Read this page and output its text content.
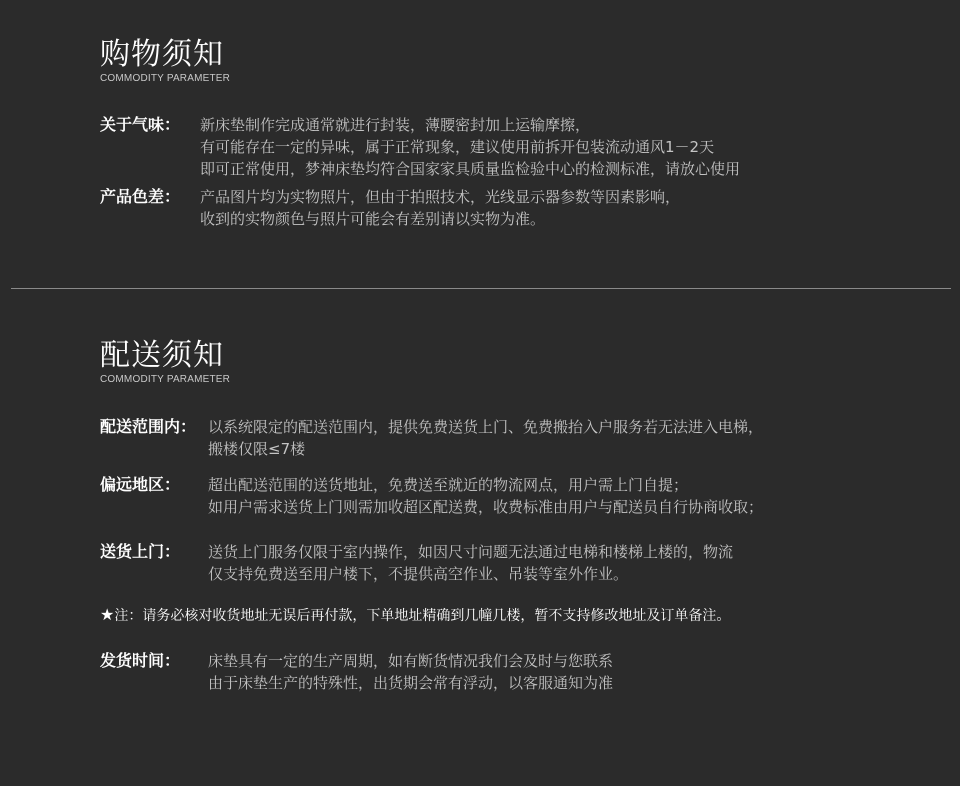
购物须知
COMMODITY PARAMETER
关于气味： 新床垫制作完成通常就进行封装，薄腰密封加上运输摩擦，
有可能存在一定的异味，属于正常现象，建议使用前拆开包装流动通风1－2天
即可正常使用，梦神床垫均符合国家家具质量监检验中心的检测标准，请放心使用
产品色差： 产品图片均为实物照片，但由于拍照技术，光线显示器参数等因素影响，
收到的实物颜色与照片可能会有差别请以实物为准。
配送须知
COMMODITY PARAMETER
配送范围内： 以系统限定的配送范围内，提供免费送货上门、免费搬抬入户服务若无法进入电梯，
搬楼仅限≤7楼
偏远地区： 超出配送范围的送货地址，免费送至就近的物流网点，用户需上门自提；
如用户需求送货上门则需加收超区配送费，收费标准由用户与配送员自行协商收取；
送货上门： 送货上门服务仅限于室内操作，如因尺寸问题无法通过电梯和楼梯上楼的，物流
仅支持免费送至用户楼下，不提供高空作业、吊装等室外作业。
★注：请务必核对收货地址无误后再付款，下单地址精确到几幢几楼，暂不支持修改地址及订单备注。
发货时间： 床垫具有一定的生产周期，如有断货情况我们会及时与您联系
由于床垫生产的特殊性，出货期会常有浮动，以客服通知为准
